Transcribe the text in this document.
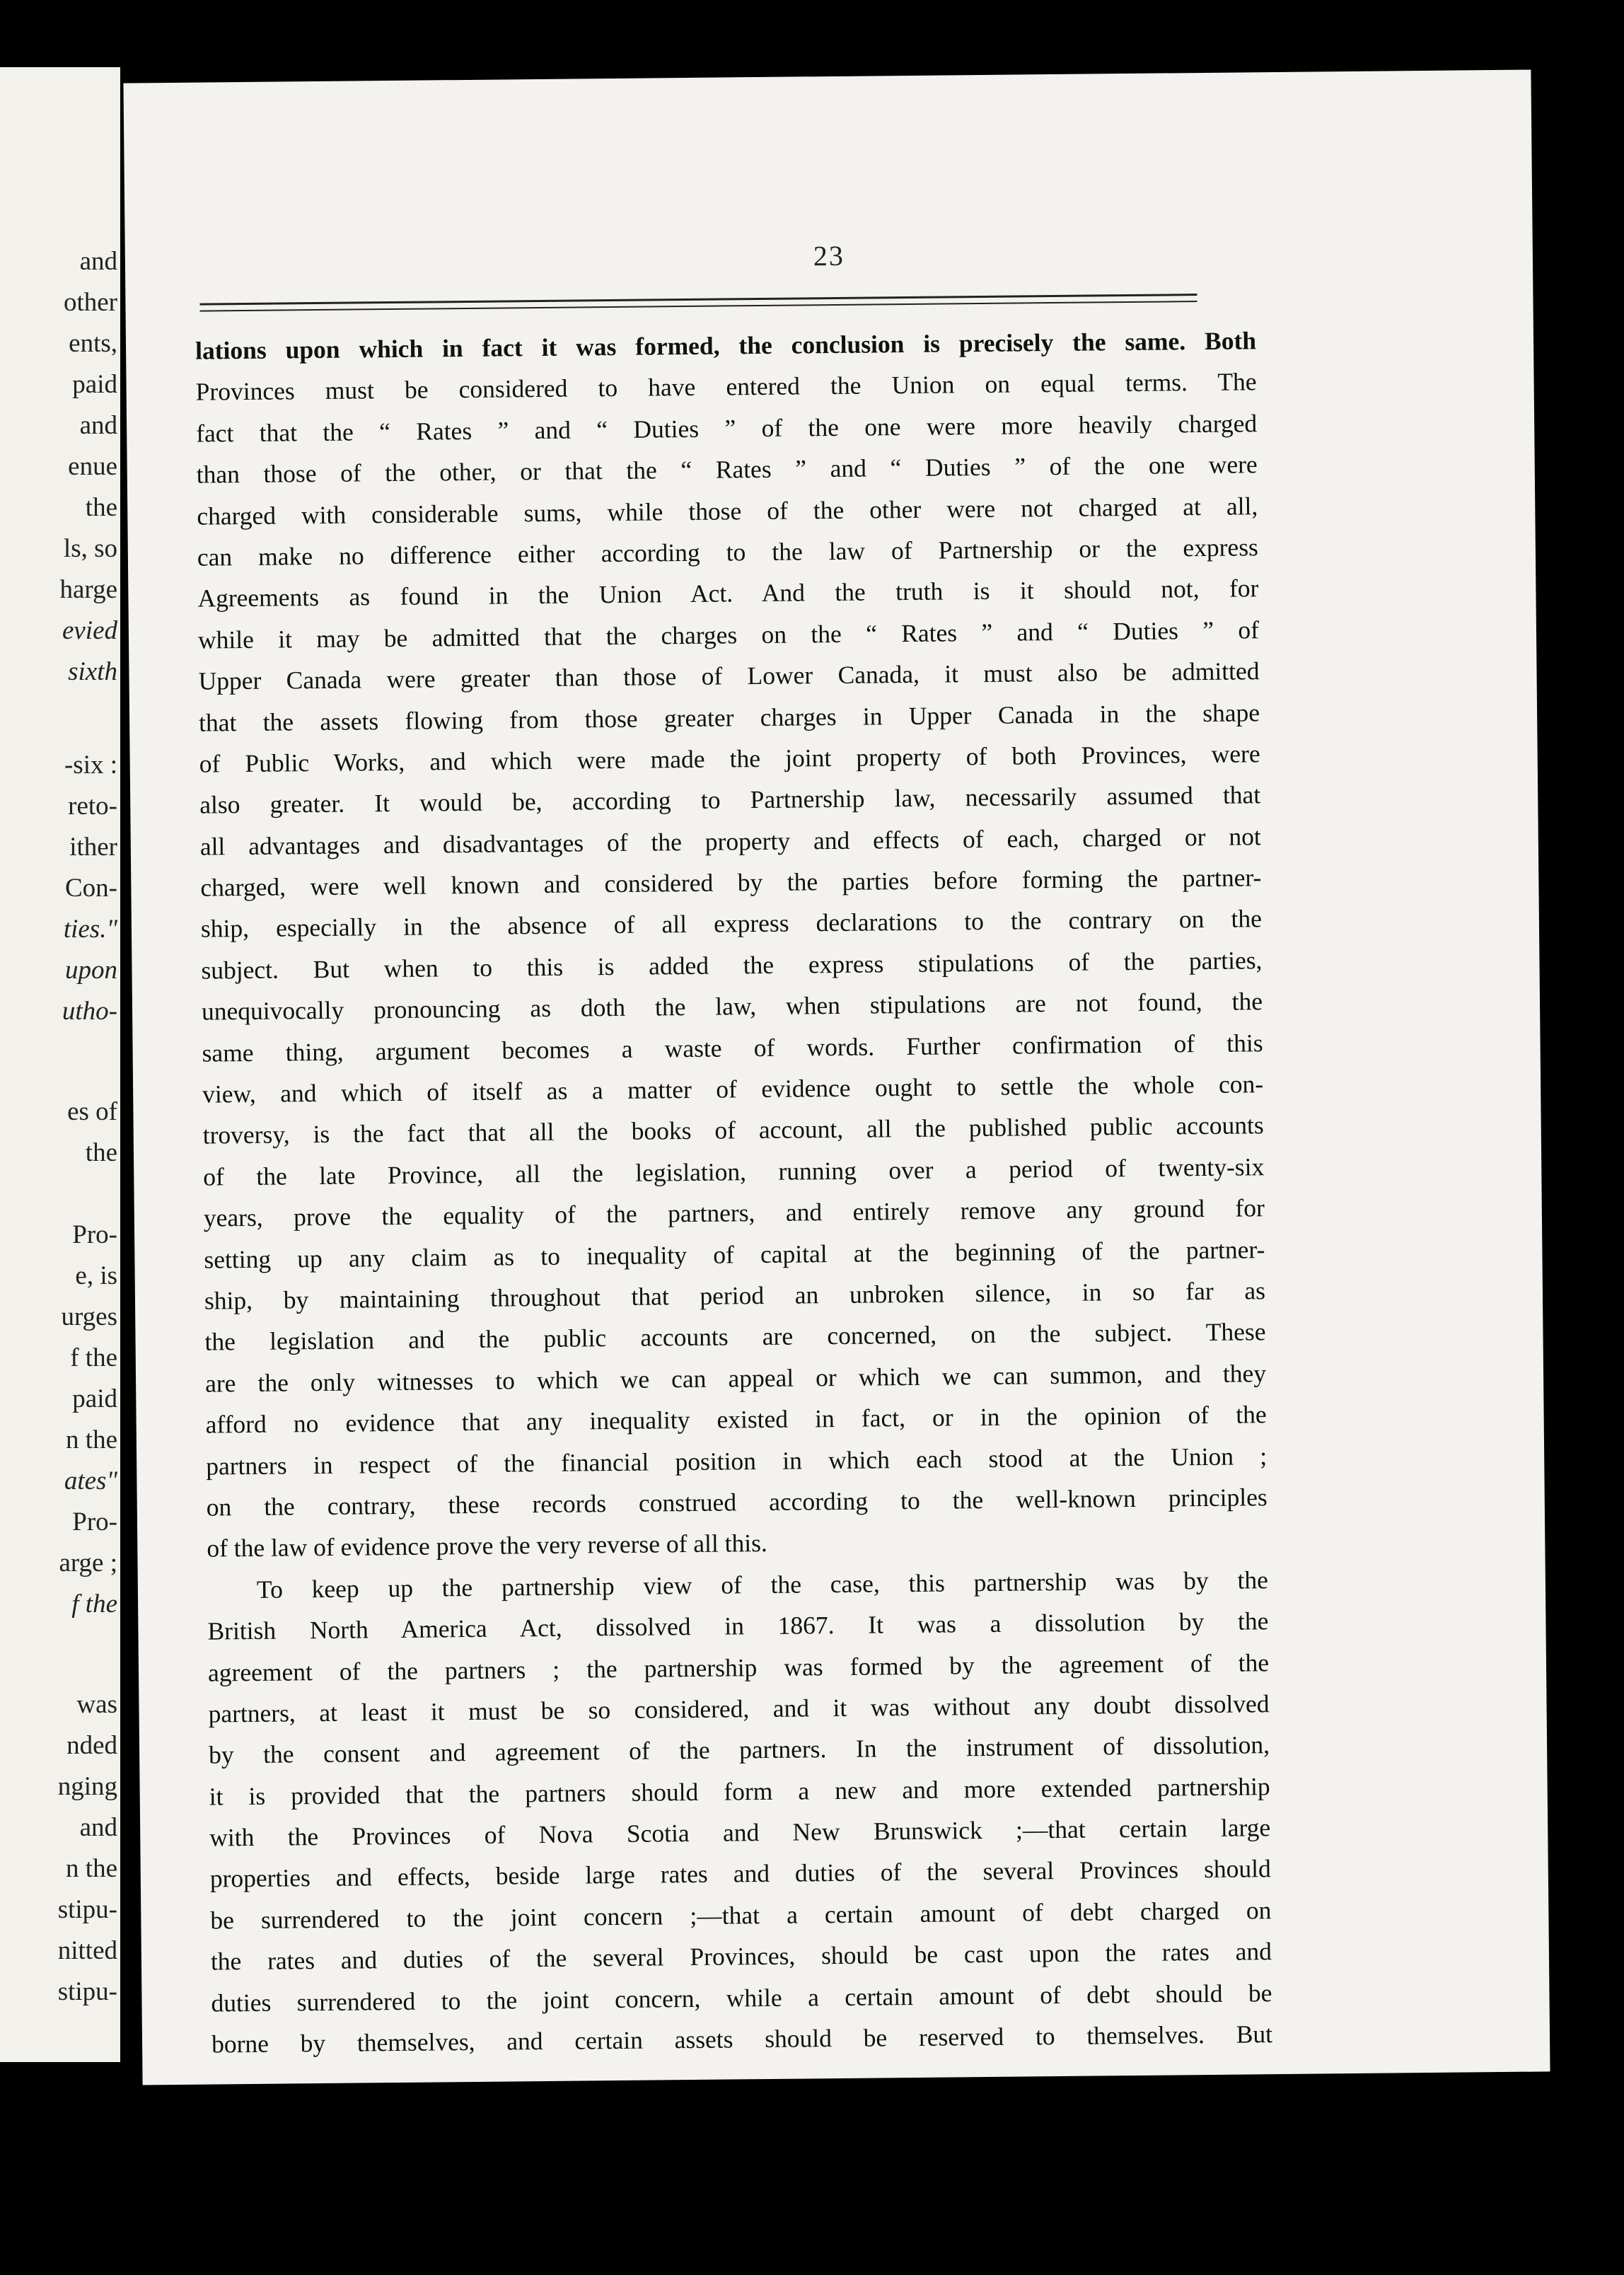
and
other
ents,
paid
and
enue
the
ls, so
harge
evied
sixth
-six :
reto-
ither
Con-
ties."
upon
utho-
es of
the
Pro-
e, is
urges
f the
paid
n the
ates"
Pro-
arge ;
f the
was
nded
nging
and
n the
stipu-
nitted
stipu-
23
lations upon which in fact it was formed, the conclusion is precisely the same. Both
Provinces must be considered to have entered the Union on equal terms. The
fact that the “ Rates ” and “ Duties ” of the one were more heavily charged
than those of the other, or that the “ Rates ” and “ Duties ” of the one were
charged with considerable sums, while those of the other were not charged at all,
can make no difference either according to the law of Partnership or the express
Agreements as found in the Union Act. And the truth is it should not, for
while it may be admitted that the charges on the “ Rates ” and “ Duties ” of
Upper Canada were greater than those of Lower Canada, it must also be admitted
that the assets flowing from those greater charges in Upper Canada in the shape
of Public Works, and which were made the joint property of both Provinces, were
also greater. It would be, according to Partnership law, necessarily assumed that
all advantages and disadvantages of the property and effects of each, charged or not
charged, were well known and considered by the parties before forming the partner-
ship, especially in the absence of all express declarations to the contrary on the
subject. But when to this is added the express stipulations of the parties,
unequivocally pronouncing as doth the law, when stipulations are not found, the
same thing, argument becomes a waste of words. Further confirmation of this
view, and which of itself as a matter of evidence ought to settle the whole con-
troversy, is the fact that all the books of account, all the published public accounts
of the late Province, all the legislation, running over a period of twenty-six
years, prove the equality of the partners, and entirely remove any ground for
setting up any claim as to inequality of capital at the beginning of the partner-
ship, by maintaining throughout that period an unbroken silence, in so far as
the legislation and the public accounts are concerned, on the subject. These
are the only witnesses to which we can appeal or which we can summon, and they
afford no evidence that any inequality existed in fact, or in the opinion of the
partners in respect of the financial position in which each stood at the Union ;
on the contrary, these records construed according to the well-known principles
of the law of evidence prove the very reverse of all this.
To keep up the partnership view of the case, this partnership was by the
British North America Act, dissolved in 1867. It was a dissolution by the
agreement of the partners ; the partnership was formed by the agreement of the
partners, at least it must be so considered, and it was without any doubt dissolved
by the consent and agreement of the partners. In the instrument of dissolution,
it is provided that the partners should form a new and more extended partnership
with the Provinces of Nova Scotia and New Brunswick ;—that certain large
properties and effects, beside large rates and duties of the several Provinces should
be surrendered to the joint concern ;—that a certain amount of debt charged on
the rates and duties of the several Provinces, should be cast upon the rates and
duties surrendered to the joint concern, while a certain amount of debt should be
borne by themselves, and certain assets should be reserved to themselves. But
